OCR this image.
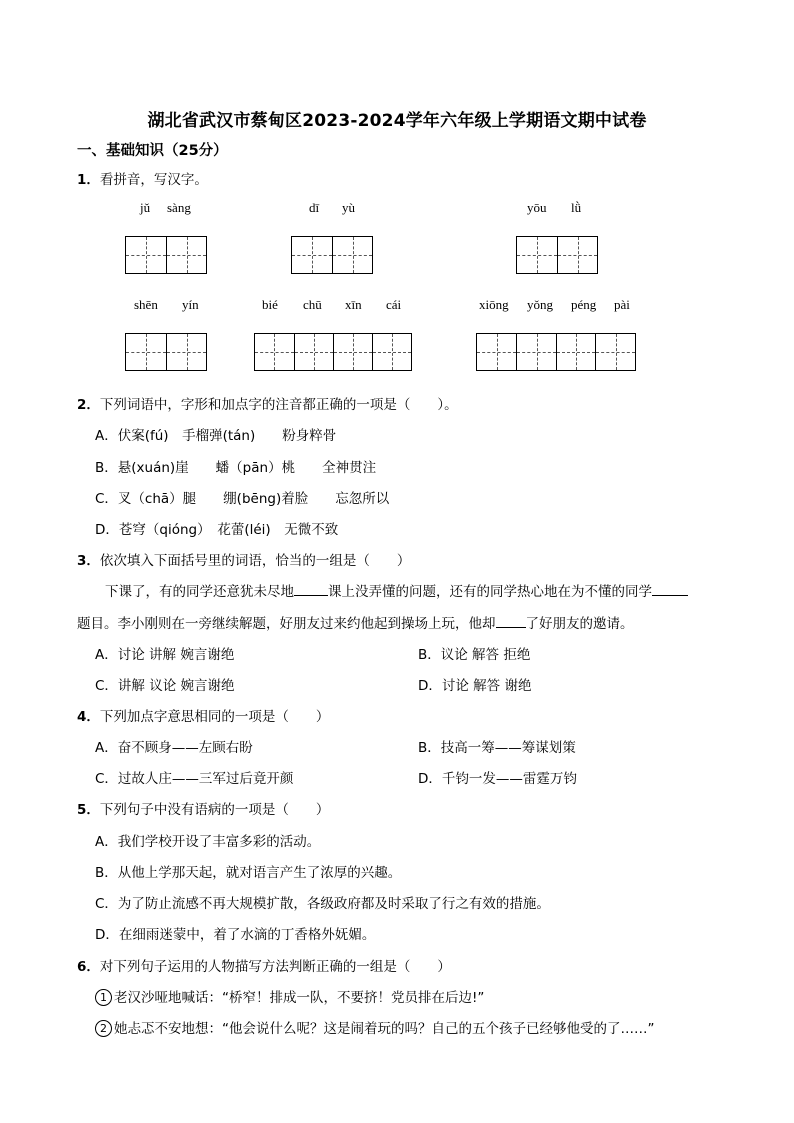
湖北省武汉市蔡甸区2023-2024学年六年级上学期语文期中试卷
一、基础知识（25分）
1．看拼音，写汉字。
jǔ sàng	dī yù	yōu lǜ
shēn yín	bié chū xīn cái	xiōng yǒng péng pài
2．下列词语中，字形和加点字的注音都正确的一项是（　　）。
A．伏案(fú)　手榴弹(tán)　　粉身粹骨
B．悬(xuán)崖　　蟠（pān）桃　　全神贯注
C．叉（chā）腿　　绷(bēng)着脸　　忘忽所以
D．苍穹（qióng）　花蕾(léi)　无微不致
3．依次填入下面括号里的词语，恰当的一组是（　　）
下课了，有的同学还意犹未尽地	课上没弄懂的问题，还有的同学热心地在为不懂的同学
题目。李小刚则在一旁继续解题，好朋友过来约他起到操场上玩，他却 了好朋友的邀请。
A．讨论 讲解 婉言谢绝	B．议论 解答 拒绝
C．讲解 议论 婉言谢绝	D．讨论 解答 谢绝
4．下列加点字意思相同的一项是（　　）
A．奋不顾身——左顾右盼	B．技高一筹——筹谋划策
C．过故人庄——三军过后竟开颜	D．千钧一发——雷霆万钧
5．下列句子中没有语病的一项是（　　）
A．我们学校开设了丰富多彩的活动。
B．从他上学那天起，就对语言产生了浓厚的兴趣。
C．为了防止流感不再大规模扩散，各级政府都及时采取了行之有效的措施。
D．在细雨迷蒙中，着了水滴的丁香格外妩媚。
6．对下列句子运用的人物描写方法判断正确的一组是（　　）
1 老汉沙哑地喊话：“桥窄！排成一队，不要挤！党员排在后边!”
2 她忐忑不安地想：“他会说什么呢？这是闹着玩的吗？自己的五个孩子已经够他受的了……”
